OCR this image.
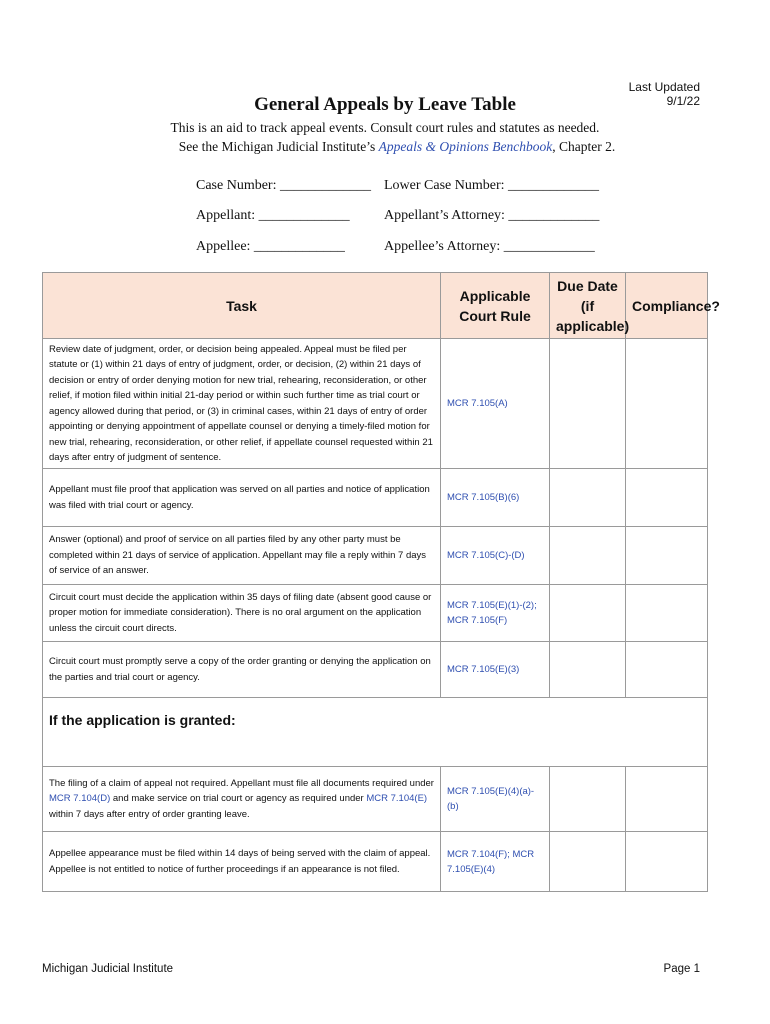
Last Updated 9/1/22
General Appeals by Leave Table
This is an aid to track appeal events. Consult court rules and statutes as needed.
See the Michigan Judicial Institute’s Appeals & Opinions Benchbook, Chapter 2.
Case Number: _____________ Lower Case Number: _____________
Appellant: _____________ Appellant’s Attorney: _____________
Appellee: _____________	Appellee’s Attorney: _____________
Task	Applicable Court Rule	Due Date (if applicable)	Compliance?
Review date of judgment, order, or decision being appealed. Appeal must be filed per statute or (1) within 21 days of entry of judgment, order, or decision, (2) within 21 days of decision or entry of order denying motion for new trial, rehearing, reconsideration, or other relief, if motion filed within initial 21-day period or within such further time as trial court or agency allowed during that period, or (3) in criminal cases, within 21 days of entry of order appointing or denying appointment of appellate counsel or denying a timely-filed motion for new trial, rehearing, reconsideration, or other relief, if appellate counsel requested within 21 days after entry of judgment of sentence.	MCR 7.105(A)		
Appellant must file proof that application was served on all parties and notice of application was filed with trial court or agency.	MCR 7.105(B)(6)		
Answer (optional) and proof of service on all parties filed by any other party must be completed within 21 days of service of application. Appellant may file a reply within 7 days of service of an answer.	MCR 7.105(C)-(D)		
Circuit court must decide the application within 35 days of filing date (absent good cause or proper motion for immediate consideration). There is no oral argument on the application unless the circuit court directs.	MCR 7.105(E)(1)-(2); MCR 7.105(F)		
Circuit court must promptly serve a copy of the order granting or denying the application on the parties and trial court or agency.	MCR 7.105(E)(3)		
If the application is granted:			
The filing of a claim of appeal not required. Appellant must file all documents required under MCR 7.104(D) and make service on trial court or agency as required under MCR 7.104(E) within 7 days after entry of order granting leave.	MCR 7.105(E)(4)(a)-(b)		
Appellee appearance must be filed within 14 days of being served with the claim of appeal. Appellee is not entitled to notice of further proceedings if an appearance is not filed.	MCR 7.104(F); MCR 7.105(E)(4)		
Michigan Judicial Institute	Page 1
